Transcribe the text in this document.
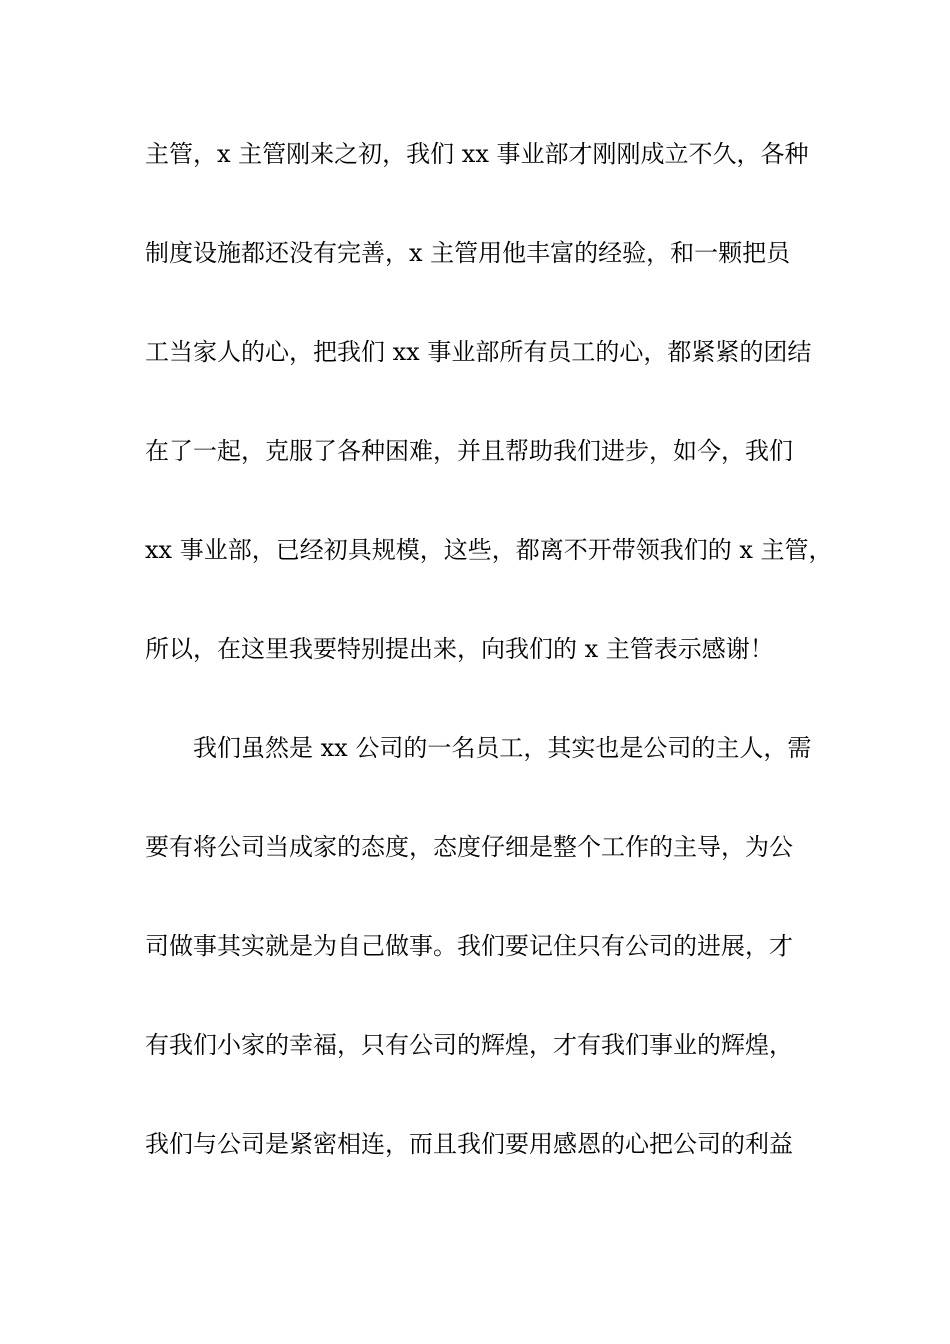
主管，x 主管刚来之初，我们 xx 事业部才刚刚成立不久，各种
制度设施都还没有完善，x 主管用他丰富的经验，和一颗把员
工当家人的心，把我们 xx 事业部所有员工的心，都紧紧的团结
在了一起，克服了各种困难，并且帮助我们进步，如今，我们
xx 事业部，已经初具规模，这些，都离不开带领我们的 x 主管，
所以，在这里我要特别提出来，向我们的 x 主管表示感谢！
我们虽然是 xx 公司的一名员工，其实也是公司的主人，需
要有将公司当成家的态度，态度仔细是整个工作的主导，为公
司做事其实就是为自己做事。我们要记住只有公司的进展，才
有我们小家的幸福，只有公司的辉煌，才有我们事业的辉煌，
我们与公司是紧密相连，而且我们要用感恩的心把公司的利益
